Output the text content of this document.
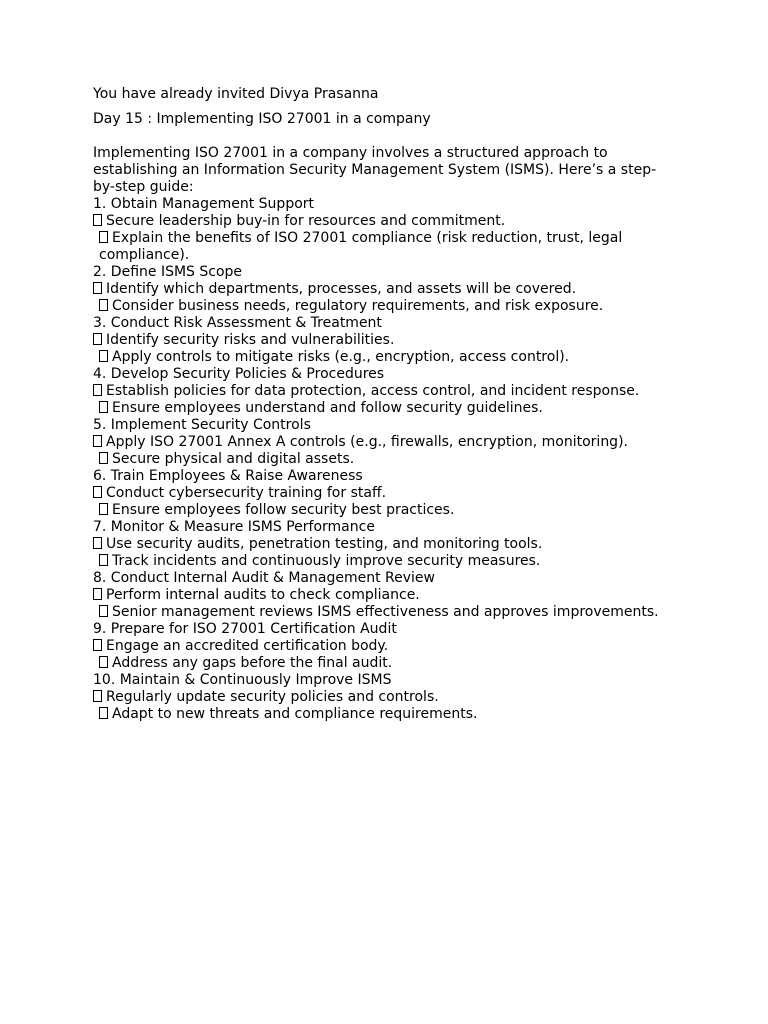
You have already invited Divya Prasanna

Day 15 : Implementing ISO 27001 in a company

Implementing ISO 27001 in a company involves a structured approach to establishing an Information Security Management System (ISMS). Here’s a step-by-step guide:

1. Obtain Management Support

Secure leadership buy-in for resources and commitment.

Explain the benefits of ISO 27001 compliance (risk reduction, trust, legal compliance).

2. Define ISMS Scope

Identify which departments, processes, and assets will be covered.

Consider business needs, regulatory requirements, and risk exposure.

3. Conduct Risk Assessment & Treatment

Identify security risks and vulnerabilities.

Apply controls to mitigate risks (e.g., encryption, access control).

4. Develop Security Policies & Procedures

Establish policies for data protection, access control, and incident response.

Ensure employees understand and follow security guidelines.

5. Implement Security Controls

Apply ISO 27001 Annex A controls (e.g., firewalls, encryption, monitoring).

Secure physical and digital assets.

6. Train Employees & Raise Awareness

Conduct cybersecurity training for staff.

Ensure employees follow security best practices.

7. Monitor & Measure ISMS Performance

Use security audits, penetration testing, and monitoring tools.

Track incidents and continuously improve security measures.

8. Conduct Internal Audit & Management Review

Perform internal audits to check compliance.

Senior management reviews ISMS effectiveness and approves improvements.

9. Prepare for ISO 27001 Certification Audit

Engage an accredited certification body.

Address any gaps before the final audit.

10. Maintain & Continuously Improve ISMS

Regularly update security policies and controls.

Adapt to new threats and compliance requirements.
